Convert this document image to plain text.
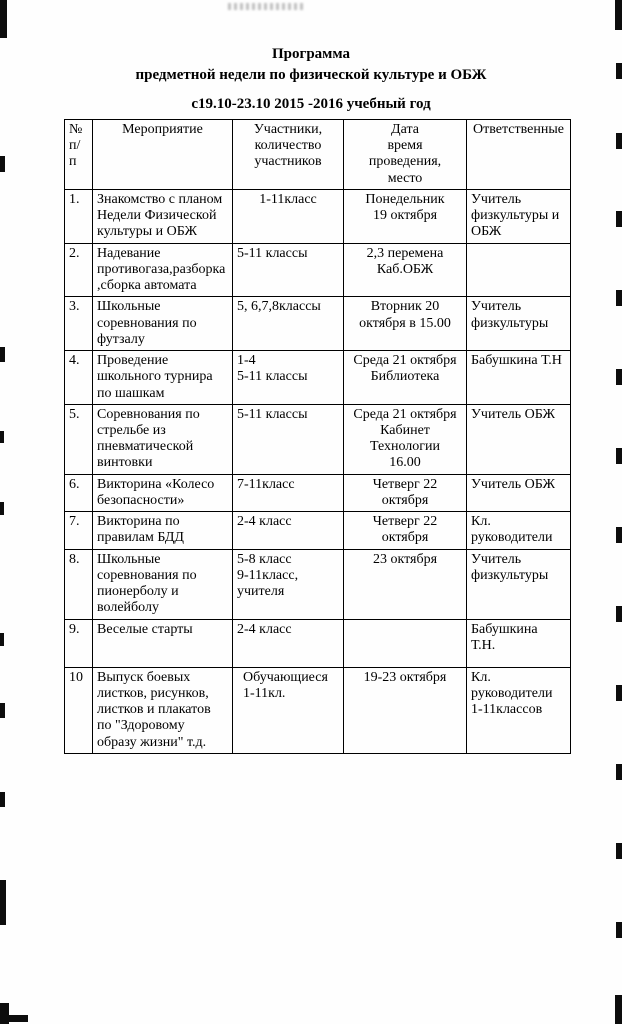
Программа
предметной недели по физической культуре и ОБЖ
с19.10-23.10 2015 -2016 учебный год
№
п/
п	Мероприятие	Участники,
количество
участников	Дата
время
проведения,
место	Ответственные
1.	Знакомство с планом
Недели Физической
культуры и ОБЖ	1-11класс	Понедельник
19 октября	Учитель
физкультуры и
ОБЖ
2.	Надевание
противогаза,разборка
,сборка автомата	5-11 классы	2,3 перемена
Каб.ОБЖ	
3.	Школьные
соревнования по
футзалу	5, 6,7,8классы	Вторник 20
октября в 15.00	Учитель
физкультуры
4.	Проведение
школьного турнира
по шашкам	1-4
5-11 классы	Среда 21 октября
Библиотека	Бабушкина Т.Н
5.	Соревнования по
стрельбе из
пневматической
винтовки	5-11 классы	Среда 21 октября
Кабинет
Технологии
16.00	Учитель ОБЖ
6.	Викторина «Колесо
безопасности»	7-11класс	Четверг 22
октября	Учитель ОБЖ
7.	Викторина по
правилам БДД	2-4 класс	Четверг 22
октября	Кл.
руководители
8.	Школьные
соревнования по
пионерболу и
волейболу	5-8 класс
9-11класс,
учителя	23 октября	Учитель
физкультуры
9.	Веселые старты	2-4 класс		Бабушкина
Т.Н.
10	Выпуск боевых
листков, рисунков,
листков и плакатов
по "Здоровому
образу жизни" т.д.	Обучающиеся
1-11кл.	19-23 октября	Кл.
руководители
1-11классов
